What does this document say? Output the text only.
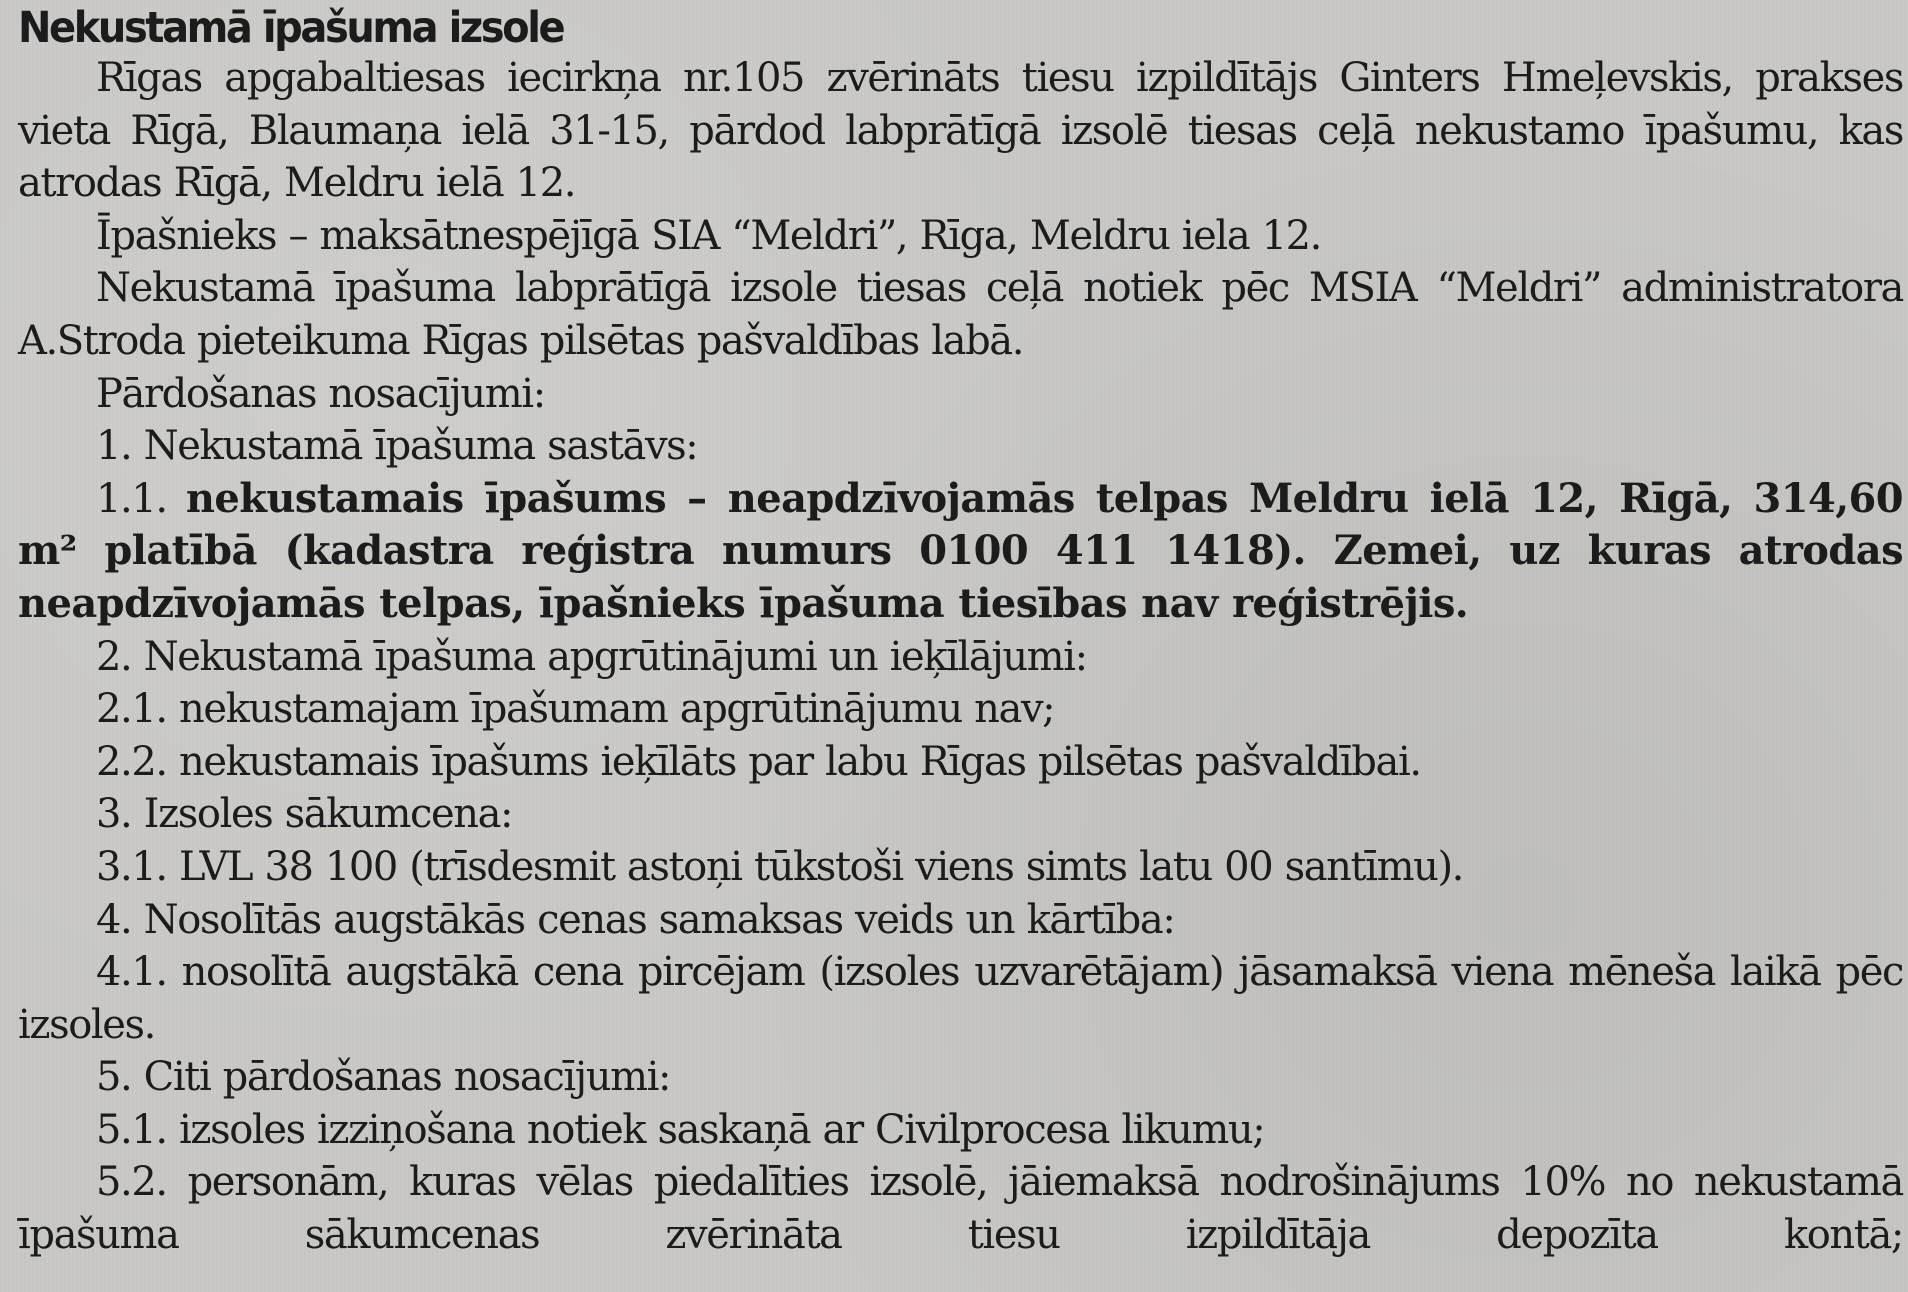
Nekustamā īpašuma izsole

Rīgas apgabaltiesas iecirkņa nr.105 zvērināts tiesu izpildītājs Ginters Hmeļevskis, prakses vieta Rīgā, Blaumaņa ielā 31-15, pārdod labprātīgā izsolē tiesas ceļā nekustamo īpašumu, kas atrodas Rīgā, Meldru ielā 12.

Īpašnieks – maksātnespējīgā SIA “Meldri”, Rīga, Meldru iela 12.

Nekustamā īpašuma labprātīgā izsole tiesas ceļā notiek pēc MSIA “Meldri” administratora A.Stroda pieteikuma Rīgas pilsētas pašvaldības labā.

Pārdošanas nosacījumi:

1. Nekustamā īpašuma sastāvs:

1.1. nekustamais īpašums – neapdzīvojamās telpas Meldru ielā 12, Rīgā, 314,60 m² platībā (kadastra reģistra numurs 0100 411 1418). Zemei, uz kuras atrodas neapdzīvojamās telpas, īpašnieks īpašuma tiesības nav reģistrējis.

2. Nekustamā īpašuma apgrūtinājumi un ieķīlājumi:

2.1. nekustamajam īpašumam apgrūtinājumu nav;

2.2. nekustamais īpašums ieķīlāts par labu Rīgas pilsētas pašvaldībai.

3. Izsoles sākumcena:

3.1. LVL 38 100 (trīsdesmit astoņi tūkstoši viens simts latu 00 santīmu).

4. Nosolītās augstākās cenas samaksas veids un kārtība:

4.1. nosolītā augstākā cena pircējam (izsoles uzvarētājam) jāsamaksā viena mēneša laikā pēc izsoles.

5. Citi pārdošanas nosacījumi:

5.1. izsoles izziņošana notiek saskaņā ar Civilprocesa likumu;

5.2. personām, kuras vēlas piedalīties izsolē, jāiemaksā nodrošinājums 10% no nekustamā īpašuma sākumcenas zvērināta tiesu izpildītāja depozīta kontā;
